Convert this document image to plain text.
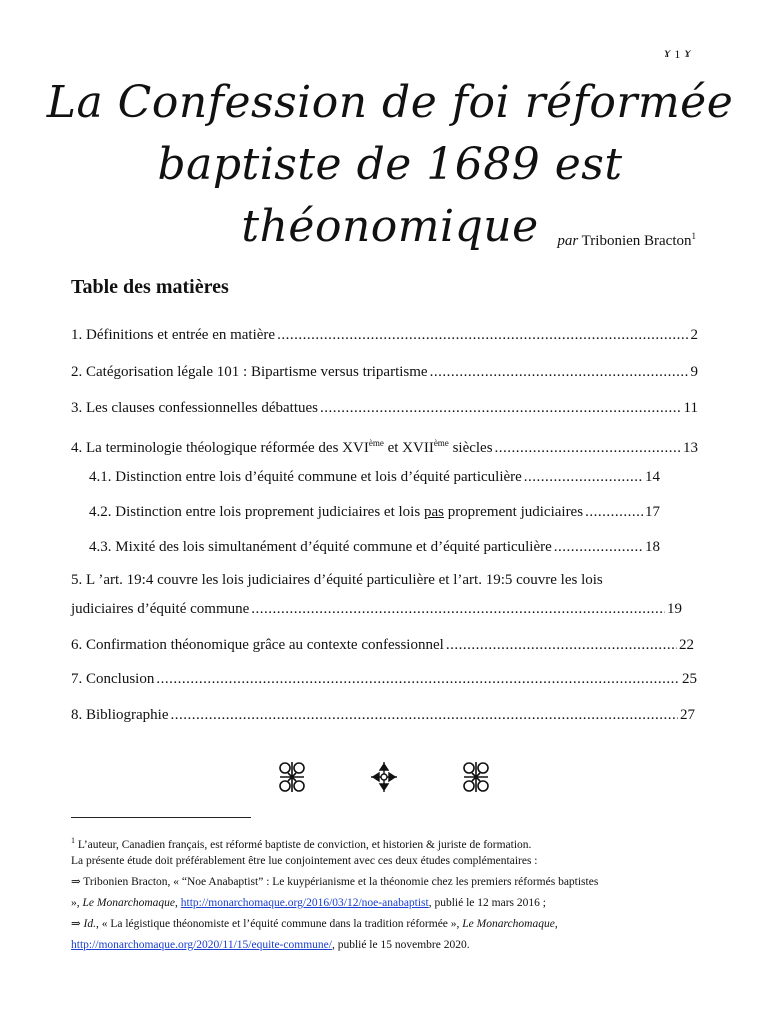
ɤ 1 ɤ
La Confession de foi réformée
baptiste de 1689 est théonomique	par Tribonien Bracton$^1$
Table des matières
1. Définitions et entrée en matière .....	2
2. Catégorisation légale 101 : Bipartisme versus tripartisme .....	9
3. Les clauses confessionnelles débattues .....	11
4. La terminologie théologique réformée des XVIème et XVIIème siècles .....	13
4.1. Distinction entre lois d’équité commune et lois d’équité particulière .....	14
4.2. Distinction entre lois proprement judiciaires et lois pas proprement judiciaires .....	17
4.3. Mixité des lois simultanément d’équité commune et d’équité particulière .....	18
5. L ’art. 19:4 couvre les lois judiciaires d’équité particulière et l’art. 19:5 couvre les lois
judiciaires d’équité commune .....	19
6. Confirmation théonomique grâce au contexte confessionnel .....	22
7. Conclusion .....	25
8. Bibliographie .....	27
$^1$ L’auteur, Canadien français, est réformé baptiste de conviction, et historien & juriste de formation.
La présente étude doit préférablement être lue conjointement avec ces deux études complémentaires :
⇒ Tribonien Bracton, « “Noe Anabaptist” : Le kuypérianisme et la théonomie chez les premiers réformés baptistes
», Le Monarchomaque, http://monarchomaque.org/2016/03/12/noe-anabaptist, publié le 12 mars 2016 ;
⇒ Id., « La légistique théonomiste et l’équité commune dans la tradition réformée », Le Monarchomaque,
http://monarchomaque.org/2020/11/15/equite-commune/, publié le 15 novembre 2020.
